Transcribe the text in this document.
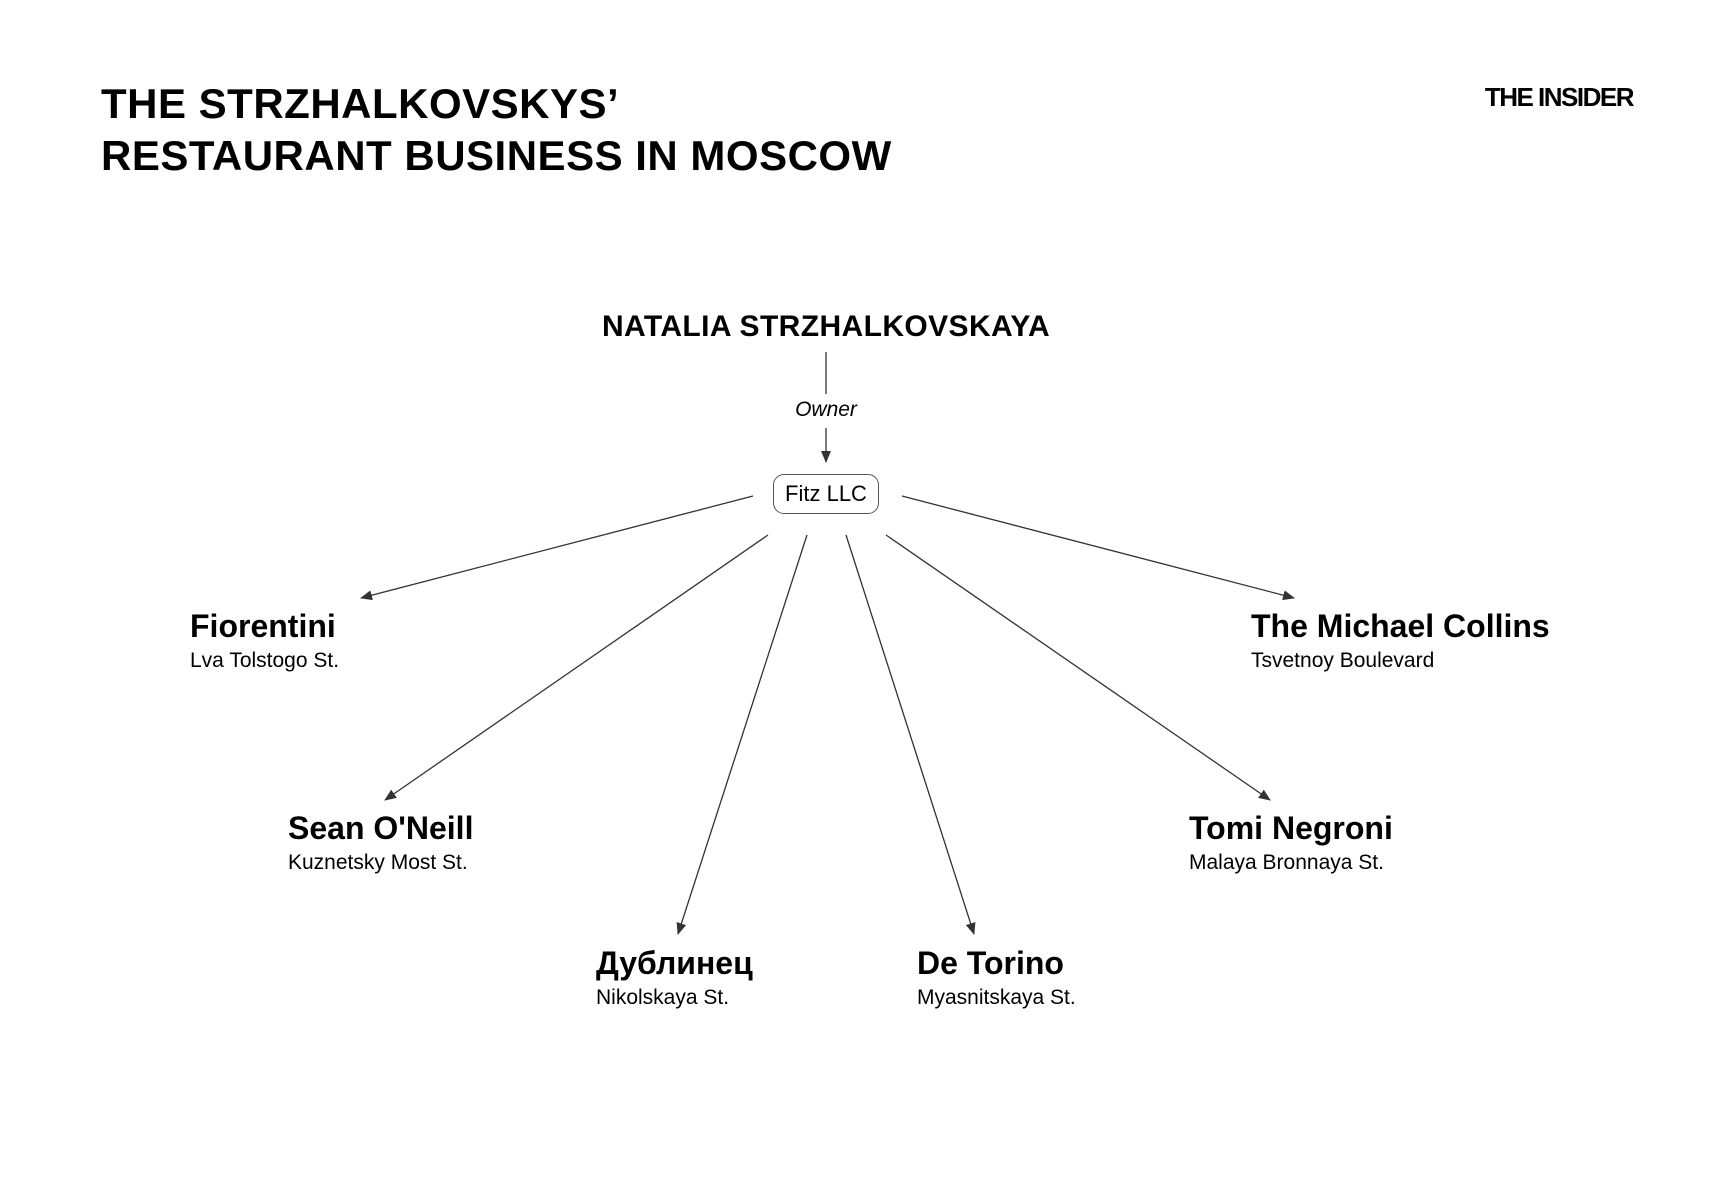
THE STRZHALKOVSKYS’
RESTAURANT BUSINESS IN MOSCOW
THE INSIDER
NATALIA STRZHALKOVSKAYA
Owner
Fitz LLC
Fiorentini
Lva Tolstogo St.
Sean O'Neill
Kuznetsky Most St.
Дублинец
Nikolskaya St.
De Torino
Myasnitskaya St.
Tomi Negroni
Malaya Bronnaya St.
The Michael Collins
Tsvetnoy Boulevard
